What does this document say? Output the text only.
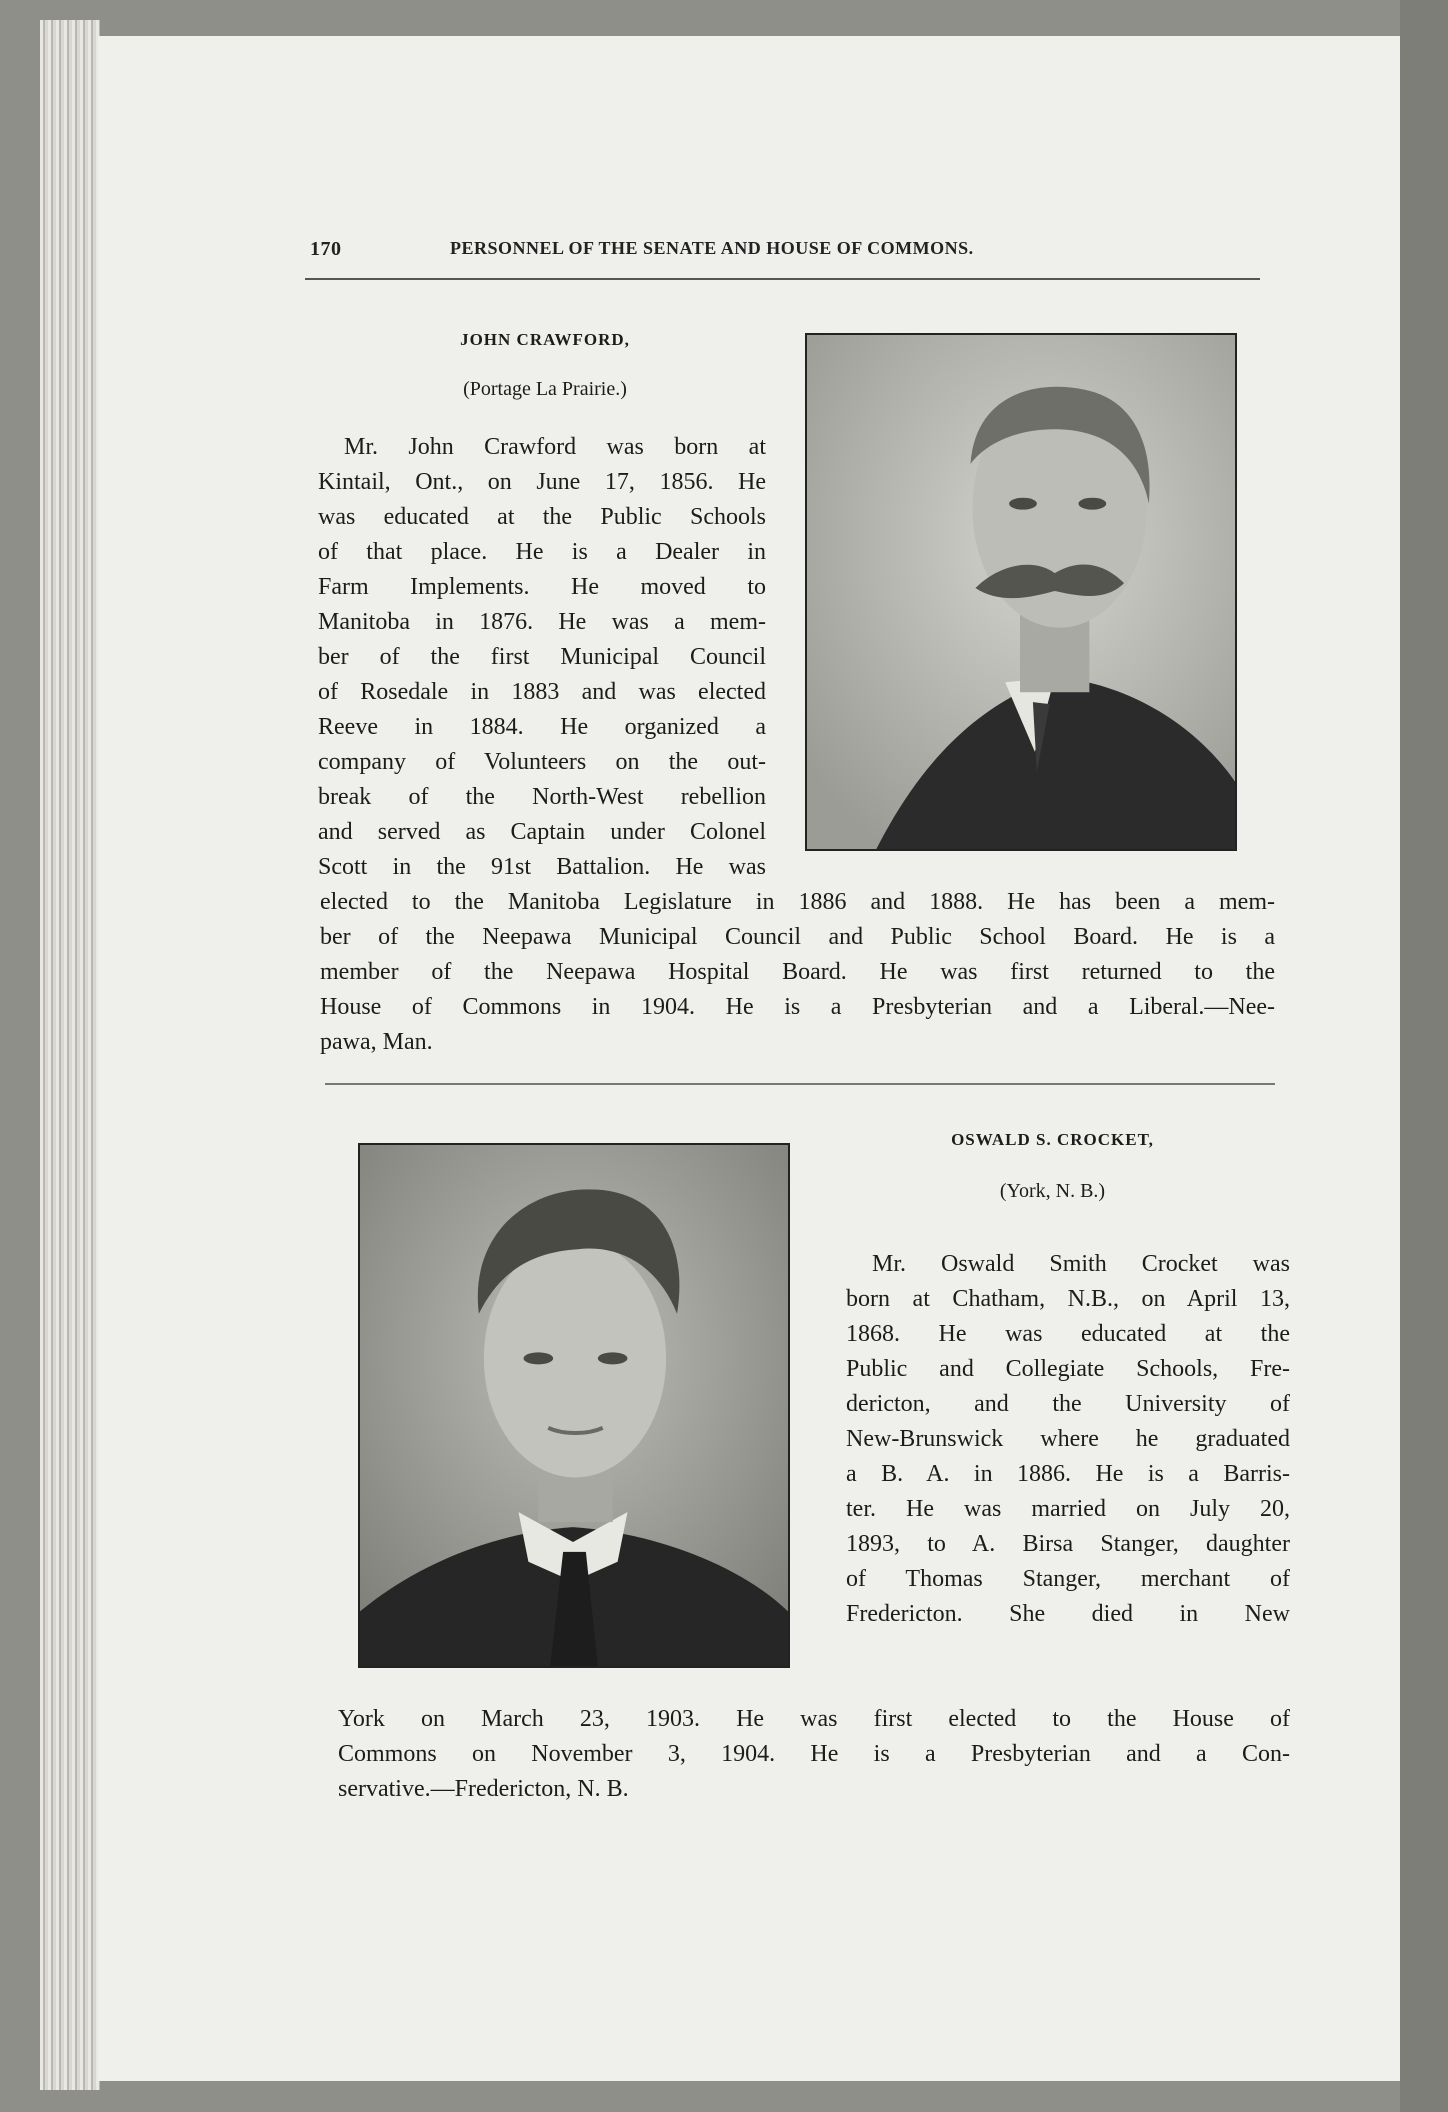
170	PERSONNEL OF THE SENATE AND HOUSE OF COMMONS.
JOHN CRAWFORD,
(Portage La Prairie.)

Mr. John Crawford was born at

Kintail, Ont., on June 17, 1856. He

was educated at the Public Schools

of that place. He is a Dealer in

Farm Implements. He moved to

Manitoba in 1876. He was a mem-

ber of the first Municipal Council

of Rosedale in 1883 and was elected

Reeve in 1884. He organized a

company of Volunteers on the out-

break of the North-West rebellion

and served as Captain under Colonel

Scott in the 91st Battalion. He was

elected to the Manitoba Legislature in 1886 and 1888. He has been a mem-

ber of the Neepawa Municipal Council and Public School Board. He is a

member of the Neepawa Hospital Board. He was first returned to the

House of Commons in 1904. He is a Presbyterian and a Liberal.—Nee-

pawa, Man.

OSWALD S. CROCKET,
(York, N. B.)

Mr. Oswald Smith Crocket was

born at Chatham, N.B., on April 13,

1868. He was educated at the

Public and Collegiate Schools, Fre-

dericton, and the University of

New-Brunswick where he graduated

a B. A. in 1886. He is a Barris-

ter. He was married on July 20,

1893, to A. Birsa Stanger, daughter

of Thomas Stanger, merchant of

Fredericton. She died in New

York on March 23, 1903. He was first elected to the House of

Commons on November 3, 1904. He is a Presbyterian and a Con-

servative.—Fredericton, N. B.
